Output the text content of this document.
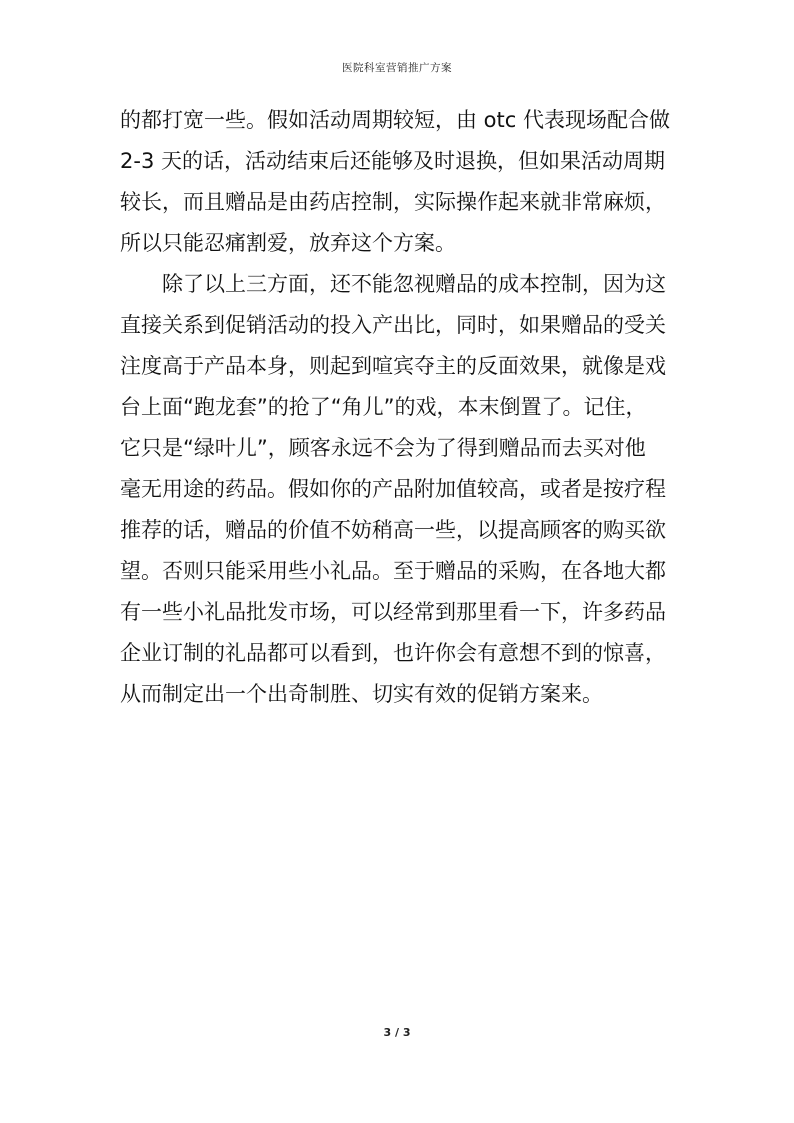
医院科室营销推广方案
的都打宽一些。假如活动周期较短，由 otc 代表现场配合做
2-3 天的话，活动结束后还能够及时退换，但如果活动周期
较长，而且赠品是由药店控制，实际操作起来就非常麻烦，
所以只能忍痛割爱，放弃这个方案。
除了以上三方面，还不能忽视赠品的成本控制，因为这
直接关系到促销活动的投入产出比，同时，如果赠品的受关
注度高于产品本身，则起到喧宾夺主的反面效果，就像是戏
台上面“跑龙套”的抢了“角儿”的戏，本末倒置了。记住，
它只是“绿叶儿”，顾客永远不会为了得到赠品而去买对他
毫无用途的药品。假如你的产品附加值较高，或者是按疗程
推荐的话，赠品的价值不妨稍高一些，以提高顾客的购买欲
望。否则只能采用些小礼品。至于赠品的采购，在各地大都
有一些小礼品批发市场，可以经常到那里看一下，许多药品
企业订制的礼品都可以看到，也许你会有意想不到的惊喜，
从而制定出一个出奇制胜、切实有效的促销方案来。
3 / 3
